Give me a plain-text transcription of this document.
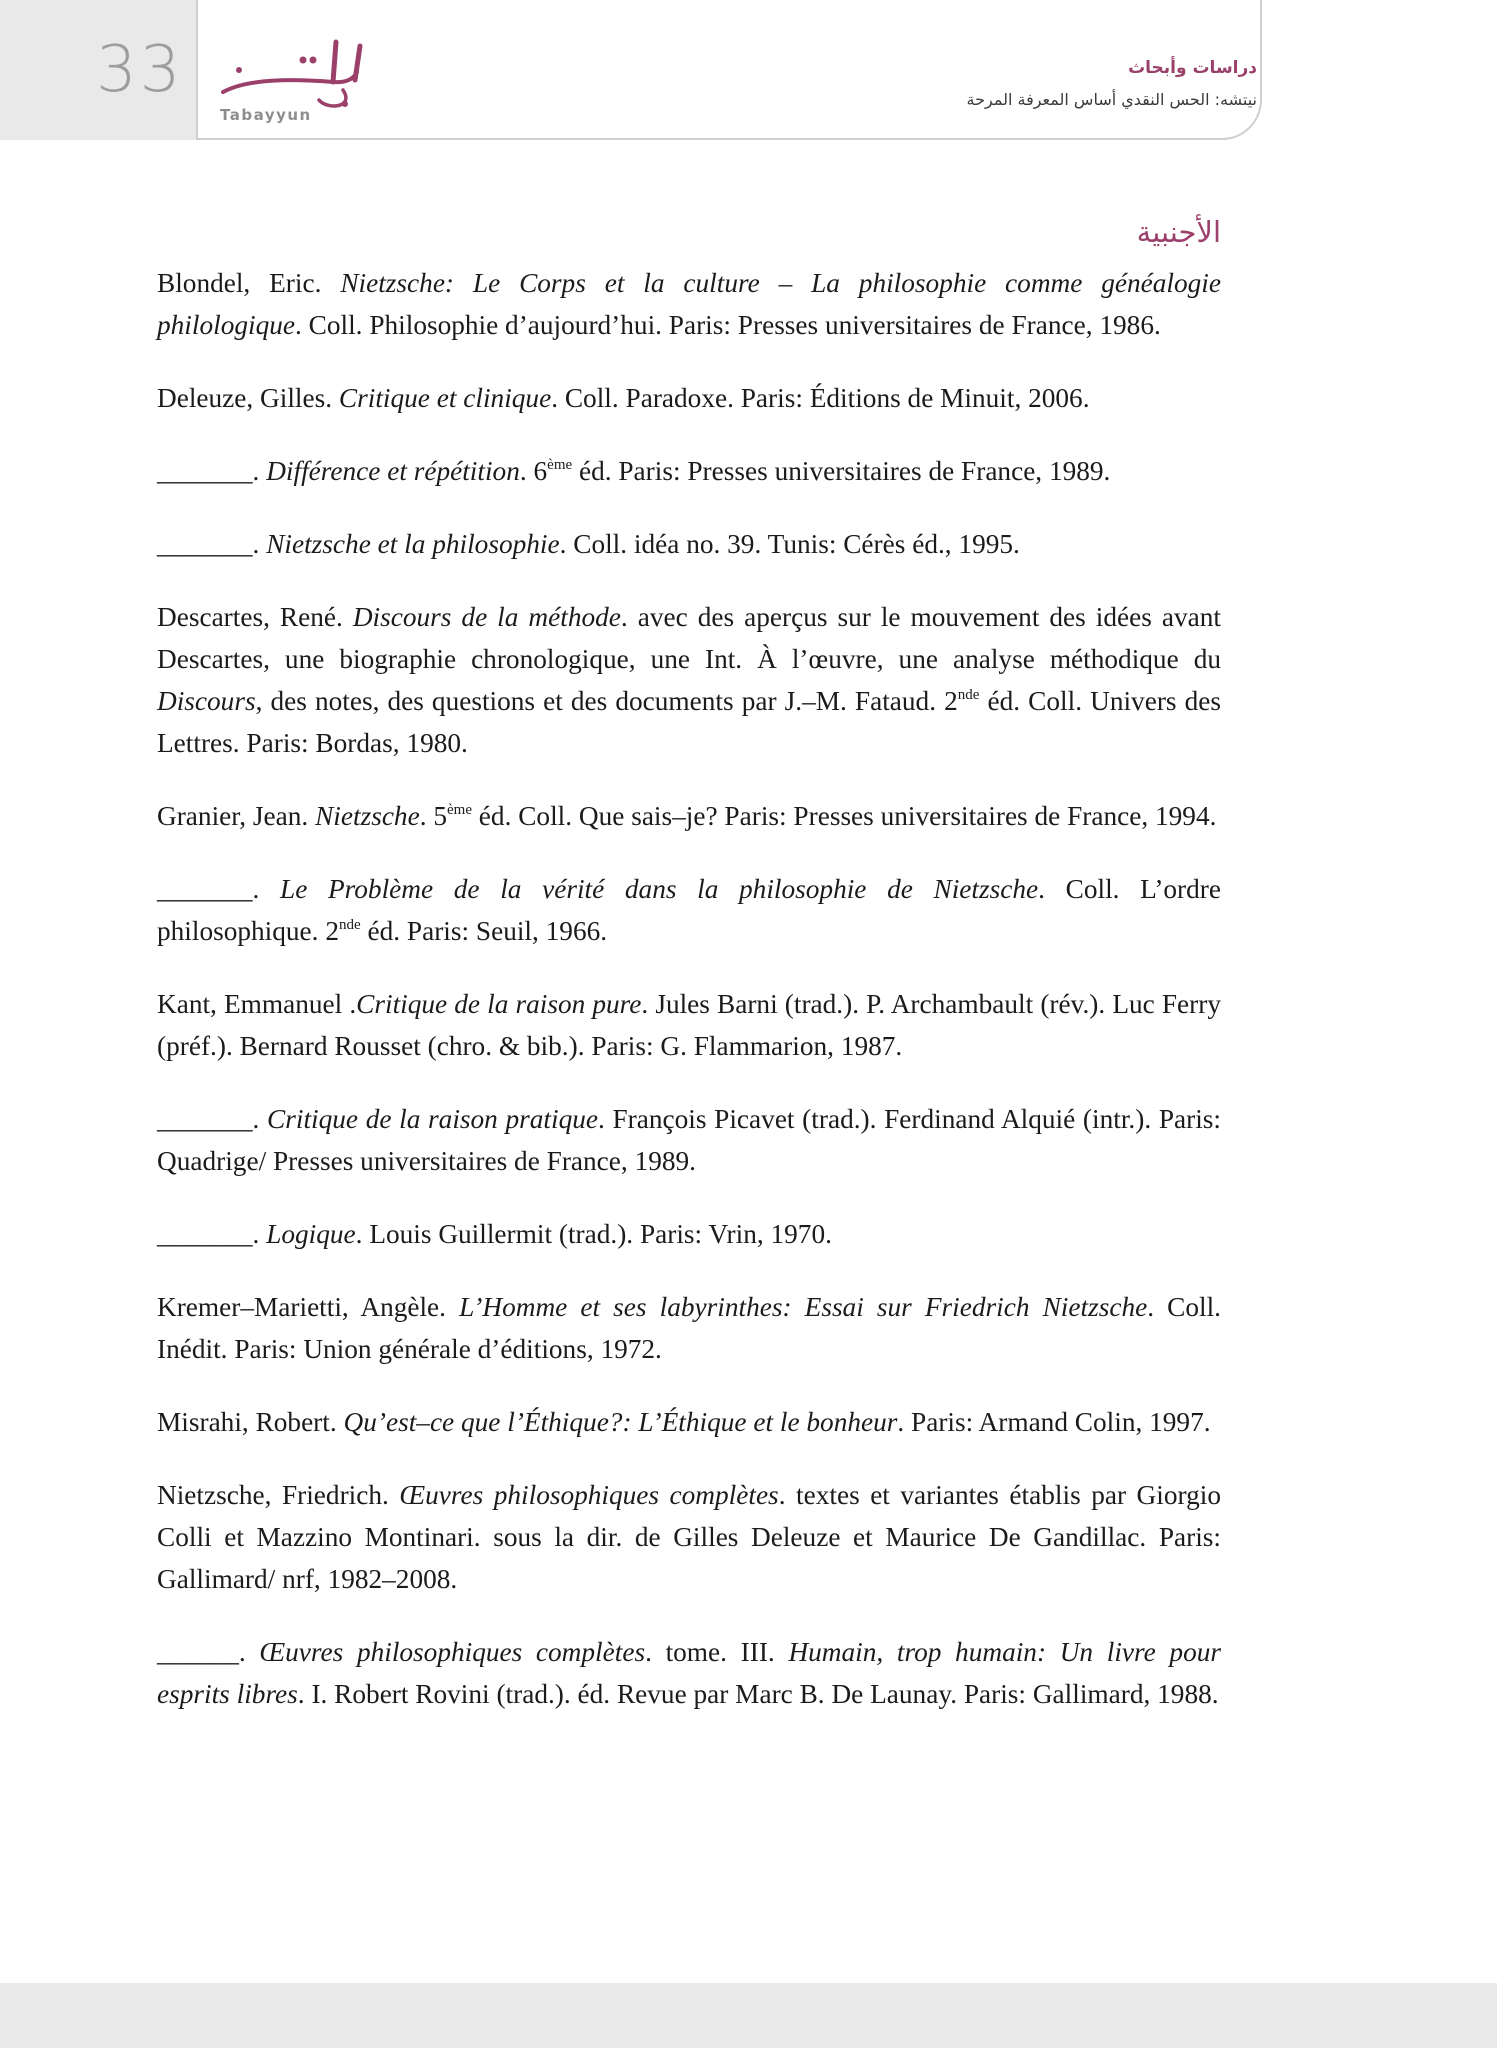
33
Tabayyun
دراسات وأبحاث
نيتشه: الحس النقدي أساس المعرفة المرحة
الأجنبية

Blondel, Eric. Nietzsche: Le Corps et la culture – La philosophie comme généalogie philologique. Coll. Philosophie d’aujourd’hui. Paris: Presses universitaires de France, 1986.

Deleuze, Gilles. Critique et clinique. Coll. Paradoxe. Paris: Éditions de Minuit, 2006.

_______. Différence et répétition. 6ème éd. Paris: Presses universitaires de France, 1989.

_______. Nietzsche et la philosophie. Coll. idéa no. 39. Tunis: Cérès éd., 1995.

Descartes, René. Discours de la méthode. avec des aperçus sur le mouvement des idées avant Descartes, une biographie chronologique, une Int. À l’œuvre, une analyse méthodique du Discours, des notes, des questions et des documents par J.–M. Fataud. 2nde éd. Coll. Univers des Lettres. Paris: Bordas, 1980.

Granier, Jean. Nietzsche. 5ème éd. Coll. Que sais–je? Paris: Presses universitaires de France, 1994.

_______. Le Problème de la vérité dans la philosophie de Nietzsche. Coll. L’ordre philosophique. 2nde éd. Paris: Seuil, 1966.

Kant, Emmanuel .Critique de la raison pure. Jules Barni (trad.). P. Archambault (rév.). Luc Ferry (préf.). Bernard Rousset (chro. & bib.). Paris: G. Flammarion, 1987.

_______. Critique de la raison pratique. François Picavet (trad.). Ferdinand Alquié (intr.). Paris: Quadrige/ Presses universitaires de France, 1989.

_______. Logique. Louis Guillermit (trad.). Paris: Vrin, 1970.

Kremer–Marietti, Angèle. L’Homme et ses labyrinthes: Essai sur Friedrich Nietzsche. Coll. Inédit. Paris: Union générale d’éditions, 1972.

Misrahi, Robert. Qu’est–ce que l’Éthique?: L’Éthique et le bonheur. Paris: Armand Colin, 1997.

Nietzsche, Friedrich. Œuvres philosophiques complètes. textes et variantes établis par Giorgio Colli et Mazzino Montinari. sous la dir. de Gilles Deleuze et Maurice De Gandillac. Paris: Gallimard/ nrf, 1982–2008.

______. Œuvres philosophiques complètes. tome. III. Humain, trop humain: Un livre pour esprits libres. I. Robert Rovini (trad.). éd. Revue par Marc B. De Launay. Paris: Gallimard, 1988.
